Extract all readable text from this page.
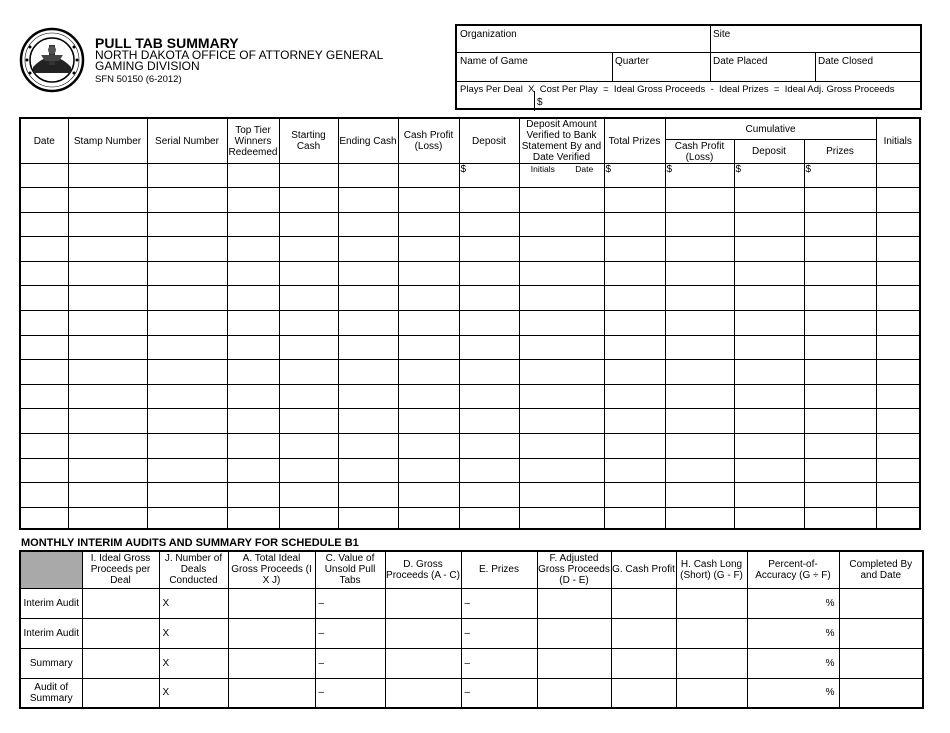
PULL TAB SUMMARY
NORTH DAKOTA OFFICE OF ATTORNEY GENERAL
GAMING DIVISION
SFN 50150 (6-2012)
Organization	Site
Name of Game	Quarter	Date Placed	Date Closed
Plays Per Deal  X  Cost Per Play  =  Ideal Gross Proceeds  -  Ideal Prizes  =  Ideal Adj. Gross Proceeds
$
Date	Stamp Number	Serial Number	Top Tier Winners Redeemed	Starting Cash	Ending Cash	Cash Profit (Loss)	Deposit	Deposit Amount Verified to Bank Statement By and Date Verified	Total Prizes	Cumulative			Initials
										Cash Profit (Loss)	Deposit	Prizes	
							$	Initials Date	$	$	$	$	

MONTHLY INTERIM AUDITS AND SUMMARY FOR SCHEDULE B1
	I. Ideal Gross Proceeds per Deal	J. Number of Deals Conducted	A. Total Ideal Gross Proceeds (I X J)	C. Value of Unsold Pull Tabs	D. Gross Proceeds (A - C)	E. Prizes	F. Adjusted Gross Proceeds (D - E)	G. Cash Profit	H. Cash Long (Short) (G - F)	Percent-of-Accuracy (G ÷ F)	Completed By and Date
Interim Audit		X		–		–				%	
Interim Audit		X		–		–				%	
Summary		X		–		–				%	
Audit of Summary		X		–		–				%	
